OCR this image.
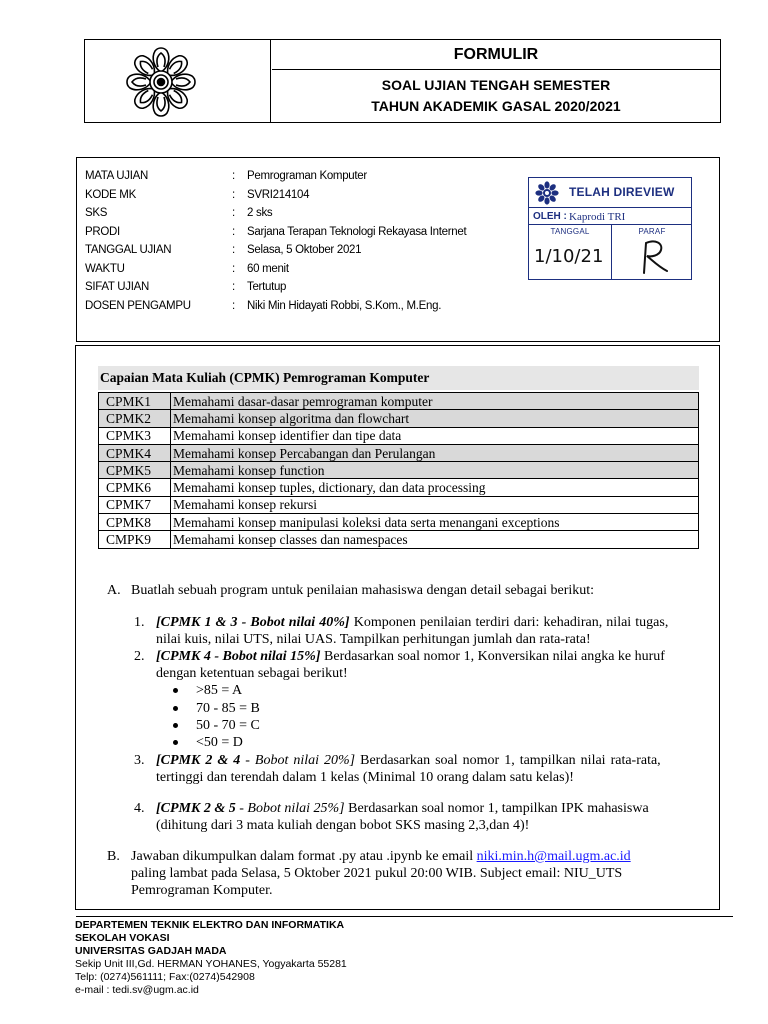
FORMULIR
SOAL UJIAN TENGAH SEMESTER
TAHUN AKADEMIK GASAL 2020/2021
MATA UJIAN	: Pemrograman Komputer
KODE MK	: SVRI214104
SKS	: 2 sks
PRODI	: Sarjana Terapan Teknologi Rekayasa Internet
TANGGAL UJIAN	: Selasa, 5 Oktober 2021
WAKTU	: 60 menit
SIFAT UJIAN	: Tertutup
DOSEN PENGAMPU	: Niki Min Hidayati Robbi, S.Kom., M.Eng.
TELAH DIREVIEW
OLEH : Kaprodi TRI
TANGGAL
1/10/21
PARAF
Capaian Mata Kuliah (CPMK) Pemrograman Komputer
CPMK1	Memahami dasar-dasar pemrograman komputer
CPMK2	Memahami konsep algoritma dan flowchart
CPMK3	Memahami konsep identifier dan tipe data
CPMK4	Memahami konsep Percabangan dan Perulangan
CPMK5	Memahami konsep function
CPMK6	Memahami konsep tuples, dictionary, dan data processing
CPMK7	Memahami konsep rekursi
CPMK8	Memahami konsep manipulasi koleksi data serta menangani exceptions
CMPK9	Memahami konsep classes dan namespaces
A. Buatlah sebuah program untuk penilaian mahasiswa dengan detail sebagai berikut:
1. [CPMK 1 & 3 - Bobot nilai 40%] Komponen penilaian terdiri dari: kehadiran, nilai tugas,
nilai kuis, nilai UTS, nilai UAS. Tampilkan perhitungan jumlah dan rata-rata!
2. [CPMK 4 - Bobot nilai 15%] Berdasarkan soal nomor 1, Konversikan nilai angka ke huruf
dengan ketentuan sebagai berikut!
>85 = A
70 - 85 = B
50 - 70 = C
<50 = D
3. [CPMK 2 & 4 - Bobot nilai 20%] Berdasarkan soal nomor 1, tampilkan nilai rata-rata,
tertinggi dan terendah dalam 1 kelas (Minimal 10 orang dalam satu kelas)!
4. [CPMK 2 & 5 - Bobot nilai 25%] Berdasarkan soal nomor 1, tampilkan IPK mahasiswa
(dihitung dari 3 mata kuliah dengan bobot SKS masing 2,3,dan 4)!
B. Jawaban dikumpulkan dalam format .py atau .ipynb ke email niki.min.h@mail.ugm.ac.id
paling lambat pada Selasa, 5 Oktober 2021 pukul 20:00 WIB. Subject email: NIU_UTS
Pemrograman Komputer.
DEPARTEMEN TEKNIK ELEKTRO DAN INFORMATIKA
SEKOLAH VOKASI
UNIVERSITAS GADJAH MADA
Sekip Unit III,Gd. HERMAN YOHANES, Yogyakarta 55281
Telp: (0274)561111; Fax:(0274)542908
e-mail : tedi.sv@ugm.ac.id
